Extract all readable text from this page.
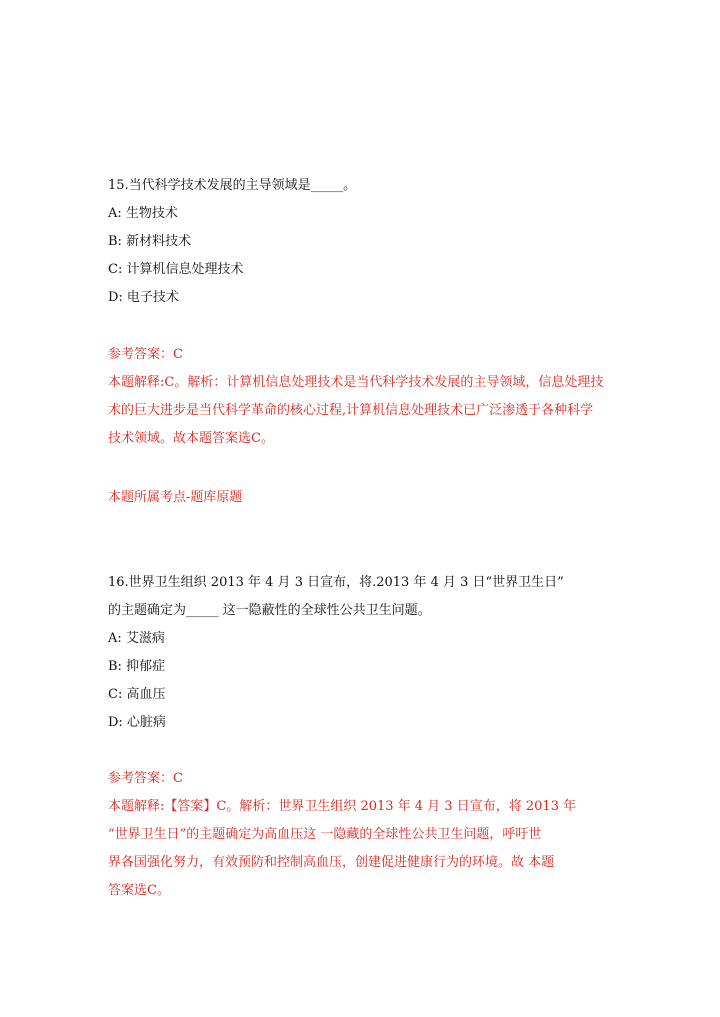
15.当代科学技术发展的主导领域是_____。

A: 生物技术

B: 新材料技术

C: 计算机信息处理技术

D: 电子技术

参考答案：C

本题解释:C。解析：计算机信息处理技术是当代科学技术发展的主导领域，信息处理技术的巨大进步是当代科学革命的核心过程,计算机信息处理技术已广泛渗透于各种科学技术领域。故本题答案选C。

本题所属考点-题库原题

16.世界卫生组织 2013 年 4 月 3 日宣布，将.2013 年 4 月 3 日“世界卫生日”

的主题确定为_____ 这一隐蔽性的全球性公共卫生问题。

A: 艾滋病

B: 抑郁症

C: 高血压

D: 心脏病

参考答案：C

本题解释:【答案】C。解析：世界卫生组织 2013 年 4 月 3 日宣布，将 2013 年

“世界卫生日”的主题确定为高血压这 一隐藏的全球性公共卫生问题，呼吁世

界各国强化努力，有效预防和控制高血压，创建促进健康行为的环境。故 本题

答案选C。
